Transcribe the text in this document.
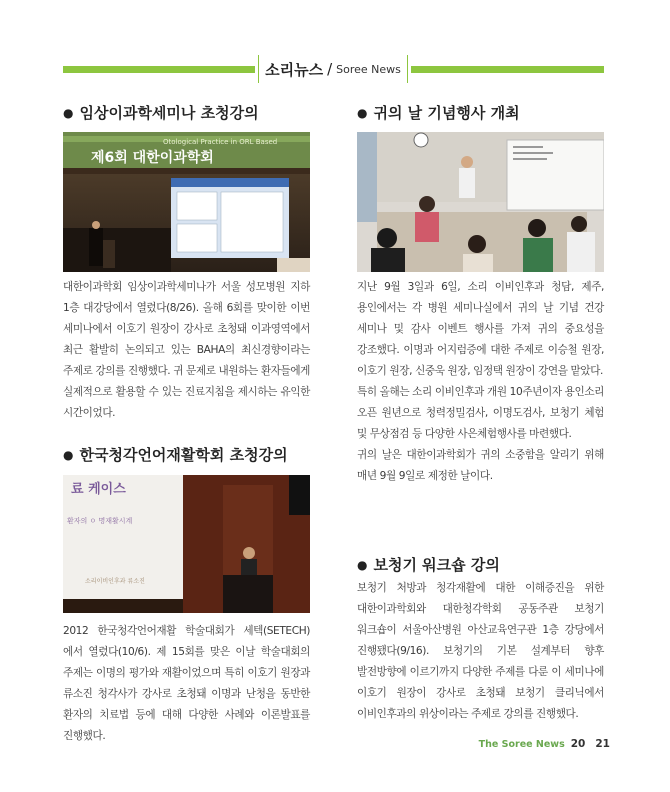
소리뉴스 / Soree News
● 임상이과학세미나 초청강의
Otological Practice in ORL Based
제6회 대한이과학회

대한이과학회 임상이과학세미나가 서울 성모병원 지하 1층 대강당에서 열렸다(8/26). 올해 6회를 맞이한 이번 세미나에서 이호기 원장이 강사로 초청돼 이과영역에서 최근 활발히 논의되고 있는 BAHA의 최신경향이라는 주제로 강의를 진행했다. 귀 문제로 내원하는 환자들에게 실제적으로 활용할 수 있는 진료지침을 제시하는 유익한 시간이었다.

● 한국청각언어재활학회 초청강의
료 케이스
환자의 ㅇ 명재활시계
소리이비인후과 류소진

2012 한국청각언어재활 학술대회가 세텍(SETECH)에서 열렸다(10/6). 제 15회를 맞은 이날 학술대회의 주제는 이명의 평가와 재활이었으며 특히 이호기 원장과 류소진 청각사가 강사로 초청돼 이명과 난청을 동반한 환자의 치료법 등에 대해 다양한 사례와 이론발표를 진행했다.

● 귀의 날 기념행사 개최

지난 9월 3일과 6일, 소리 이비인후과 청담, 제주, 용인에서는 각 병원 세미나실에서 귀의 날 기념 건강 세미나 및 감사 이벤트 행사를 가져 귀의 중요성을 강조했다. 이명과 어지럼증에 대한 주제로 이승철 원장, 이호기 원장, 신중욱 원장, 임정택 원장이 강연을 맡았다.

특히 올해는 소리 이비인후과 개원 10주년이자 용인소리 오픈 원년으로 청력정밀검사, 이명도검사, 보청기 체험 및 무상점검 등 다양한 사은체험행사를 마련했다.

귀의 날은 대한이과학회가 귀의 소중함을 알리기 위해 매년 9월 9일로 제정한 날이다.

● 보청기 워크숍 강의

보청기 처방과 청각재활에 대한 이해증진을 위한 대한이과학회와 대한청각학회 공동주관 보청기 워크숍이 서울아산병원 아산교육연구관 1층 강당에서 진행됐다(9/16). 보청기의 기본 설계부터 향후 발전방향에 이르기까지 다양한 주제를 다룬 이 세미나에 이호기 원장이 강사로 초청돼 보청기 클리닉에서 이비인후과의 위상이라는 주제로 강의를 진행했다.

The Soree News 20 21
